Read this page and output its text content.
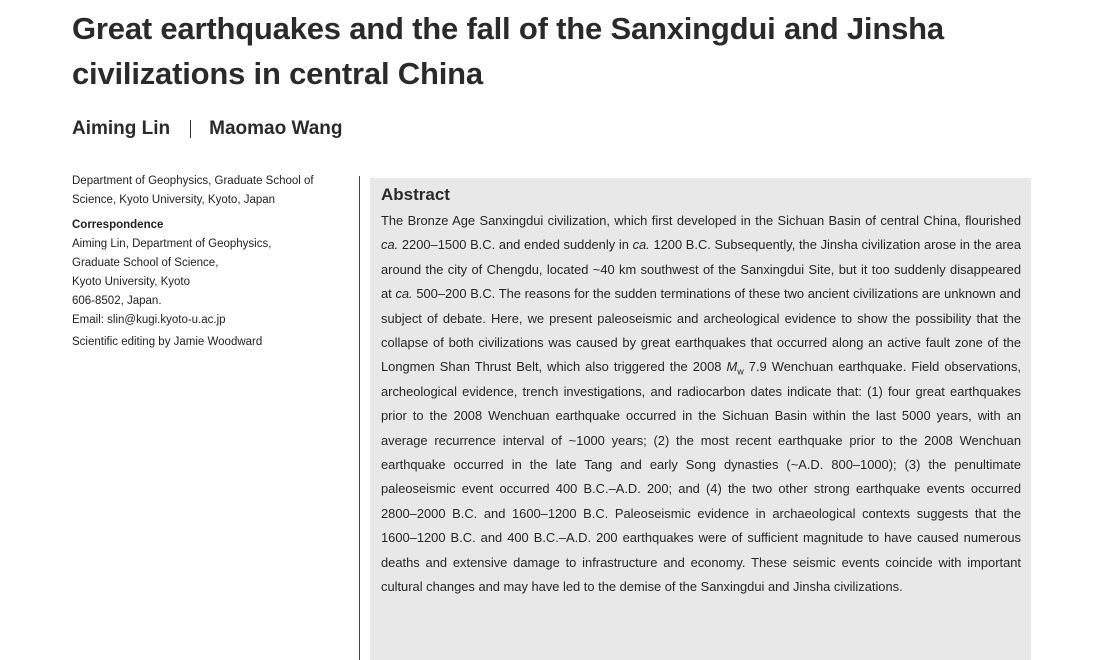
Great earthquakes and the fall of the Sanxingdui and Jinsha civilizations in central China
Aiming Lin Maomao Wang

Department of Geophysics, Graduate School of Science, Kyoto University, Kyoto, Japan

Correspondence

Aiming Lin, Department of Geophysics,

Graduate School of Science,

Kyoto University, Kyoto

606-8502, Japan.

Email: slin@kugi.kyoto-u.ac.jp

Scientific editing by Jamie Woodward

Abstract

The Bronze Age Sanxingdui civilization, which first developed in the Sichuan Basin of central China, flourished ca. 2200–1500 B.C. and ended suddenly in ca. 1200 B.C. Subsequently, the Jinsha civilization arose in the area around the city of Chengdu, located ~40 km southwest of the Sanxingdui Site, but it too suddenly disappeared at ca. 500–200 B.C. The reasons for the sudden terminations of these two ancient civilizations are unknown and subject of debate. Here, we present paleoseismic and archeological evidence to show the possibility that the collapse of both civilizations was caused by great earthquakes that occurred along an active fault zone of the Longmen Shan Thrust Belt, which also triggered the 2008 $M_w$ 7.9 Wenchuan earthquake. Field observations, archeological evidence, trench investigations, and radiocarbon dates indicate that: (1) four great earthquakes prior to the 2008 Wenchuan earthquake occurred in the Sichuan Basin within the last 5000 years, with an average recurrence interval of ~1000 years; (2) the most recent earthquake prior to the 2008 Wenchuan earthquake occurred in the late Tang and early Song dynasties (~A.D. 800–1000); (3) the penultimate paleoseismic event occurred 400 B.C.–A.D. 200; and (4) the two other strong earthquake events occurred 2800–2000 B.C. and 1600–1200 B.C. Paleoseismic evidence in archaeological contexts suggests that the 1600–1200 B.C. and 400 B.C.–A.D. 200 earthquakes were of sufficient magnitude to have caused numerous deaths and extensive damage to infrastructure and economy. These seismic events coincide with important cultural changes and may have led to the demise of the Sanxingdui and Jinsha civilizations.
